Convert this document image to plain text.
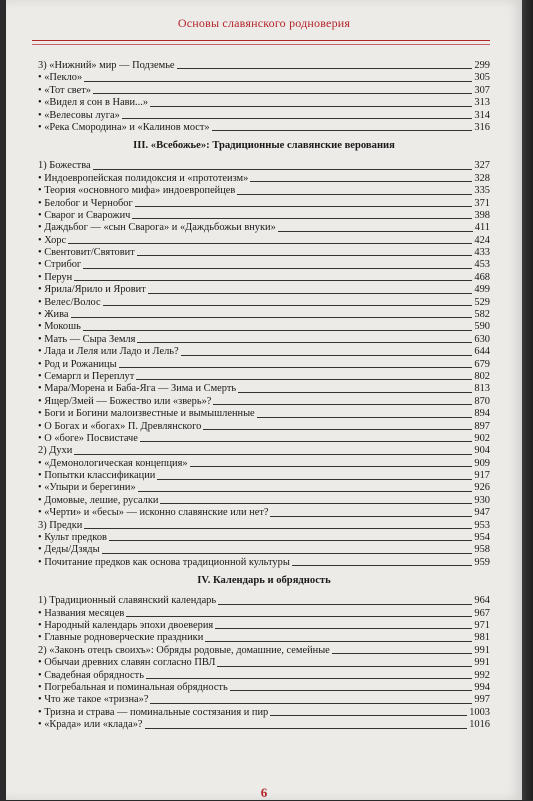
Основы славянского родноверия
3) «Нижний» мир — Подземье	299
• «Пекло»	305
• «Тот свет»	307
• «Видел я сон в Нави...»	313
• «Велесовы луга»	314
• «Река Смородина» и «Калинов мост»	316
III. «Всебожье»: Традиционные славянские верования
1) Божества	327
• Индоевропейская полидоксия и «прототеизм»	328
• Теория «основного мифа» индоевропейцев	335
• Белобог и Чернобог	371
• Сварог и Сварожич	398
• Даждьбог — «сын Сварога» и «Даждьбожьи внуки»	411
• Хорс	424
• Свентовит/Святовит	433
• Стрибог	453
• Перун	468
• Ярила/Ярило и Яровит	499
• Велес/Волос	529
• Жива	582
• Мокошь	590
• Мать — Сыра Земля	630
• Лада и Леля или Ладо и Лель?	644
• Род и Рожаницы	679
• Семаргл и Переплут	802
• Мара/Морена и Баба-Яга — Зима и Смерть	813
• Ящер/Змей — Божество или «зверь»?	870
• Боги и Богини малоизвестные и вымышленные	894
• О Богах и «богах» П. Древлянского	897
• О «боге» Посвистаче	902
2) Духи	904
• «Демонологическая концепция»	909
• Попытки классификации	917
• «Упыри и берегини»	926
• Домовые, лешие, русалки	930
• «Черти» и «бесы» — исконно славянские или нет?	947
3) Предки	953
• Культ предков	954
• Деды/Дзяды	958
• Почитание предков как основа традиционной культуры	959
IV. Календарь и обрядность
1) Традиционный славянский календарь	964
• Названия месяцев	967
• Народный календарь эпохи двоеверия	971
• Главные родноверческие праздники	981
2) «Законъ отецъ своихъ»: Обряды родовые, домашние, семейные	991
• Обычаи древних славян согласно ПВЛ	991
• Свадебная обрядность	992
• Погребальная и поминальная обрядность	994
• Что же такое «тризна»?	997
• Тризна и страва — поминальные состязания и пир	1003
• «Крада» или «клада»?	1016
6
